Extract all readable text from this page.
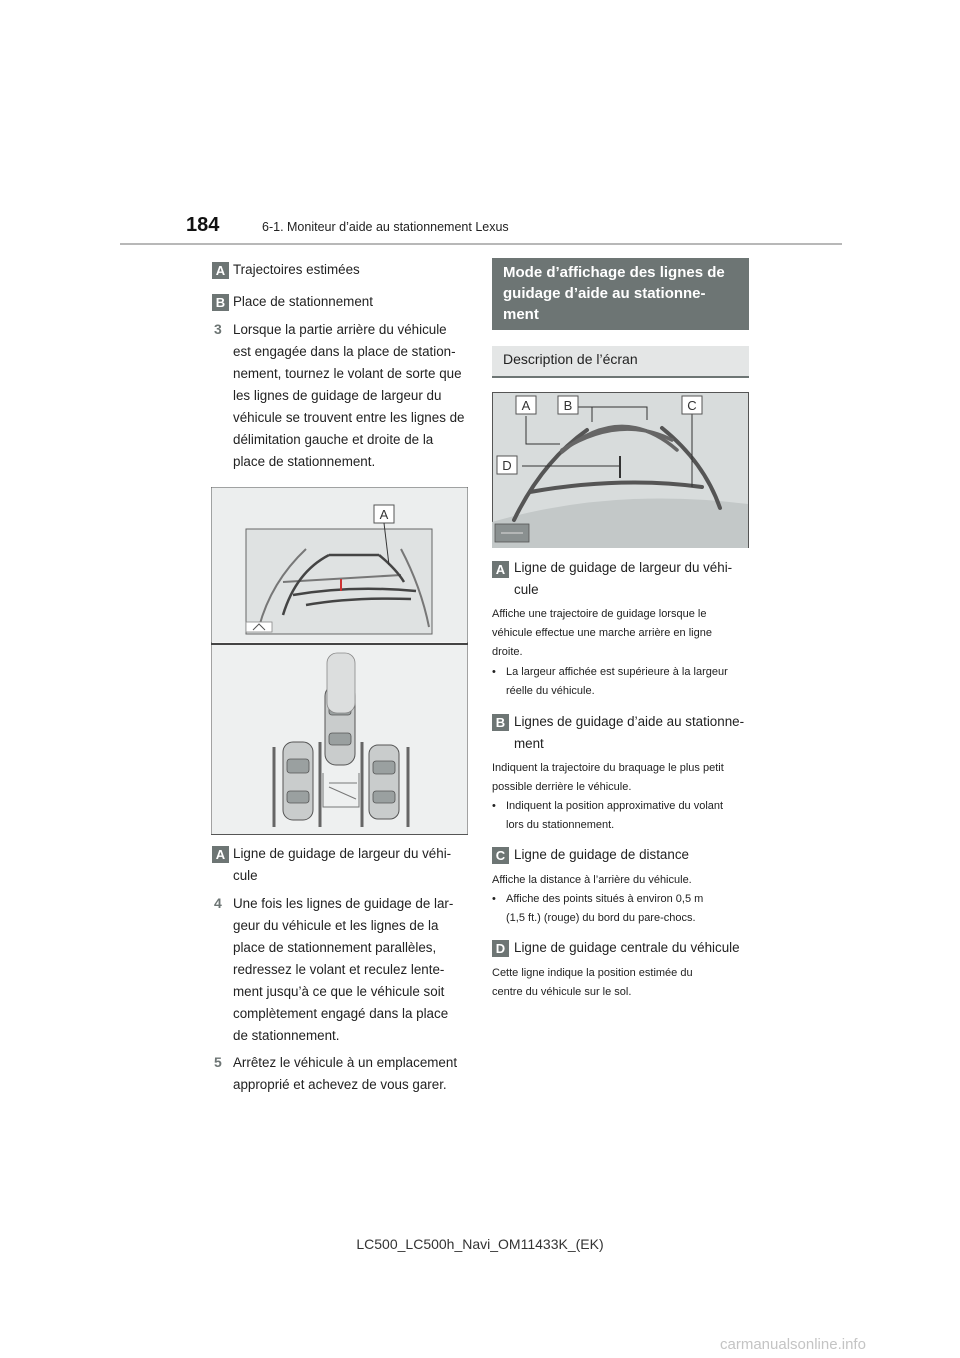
184	6-1. Moniteur d’aide au stationnement Lexus
A Trajectoires estimées
B Place de stationnement
3 Lorsque la partie arrière du véhicule
est engagée dans la place de station-
nement, tournez le volant de sorte que
les lignes de guidage de largeur du
véhicule se trouvent entre les lignes de
délimitation gauche et droite de la
place de stationnement.
A
A Ligne de guidage de largeur du véhi-
cule
4 Une fois les lignes de guidage de lar-
geur du véhicule et les lignes de la
place de stationnement parallèles,
redressez le volant et reculez lente-
ment jusqu’à ce que le véhicule soit
complètement engagé dans la place
de stationnement.
5 Arrêtez le véhicule à un emplacement
approprié et achevez de vous garer.
Mode d’affichage des lignes de
guidage d’aide au stationne-
ment
Description de l’écran
A	B	C
D
A Ligne de guidage de largeur du véhi-
cule
Affiche une trajectoire de guidage lorsque le
véhicule effectue une marche arrière en ligne
droite.
• La largeur affichée est supérieure à la largeur
réelle du véhicule.
B Lignes de guidage d’aide au stationne-
ment
Indiquent la trajectoire du braquage le plus petit
possible derrière le véhicule.
• Indiquent la position approximative du volant
lors du stationnement.
C Ligne de guidage de distance
Affiche la distance à l’arrière du véhicule.
• Affiche des points situés à environ 0,5 m
(1,5 ft.) (rouge) du bord du pare-chocs.
D Ligne de guidage centrale du véhicule
Cette ligne indique la position estimée du
centre du véhicule sur le sol.
LC500_LC500h_Navi_OM11433K_(EK)
carmanualsonline.info
